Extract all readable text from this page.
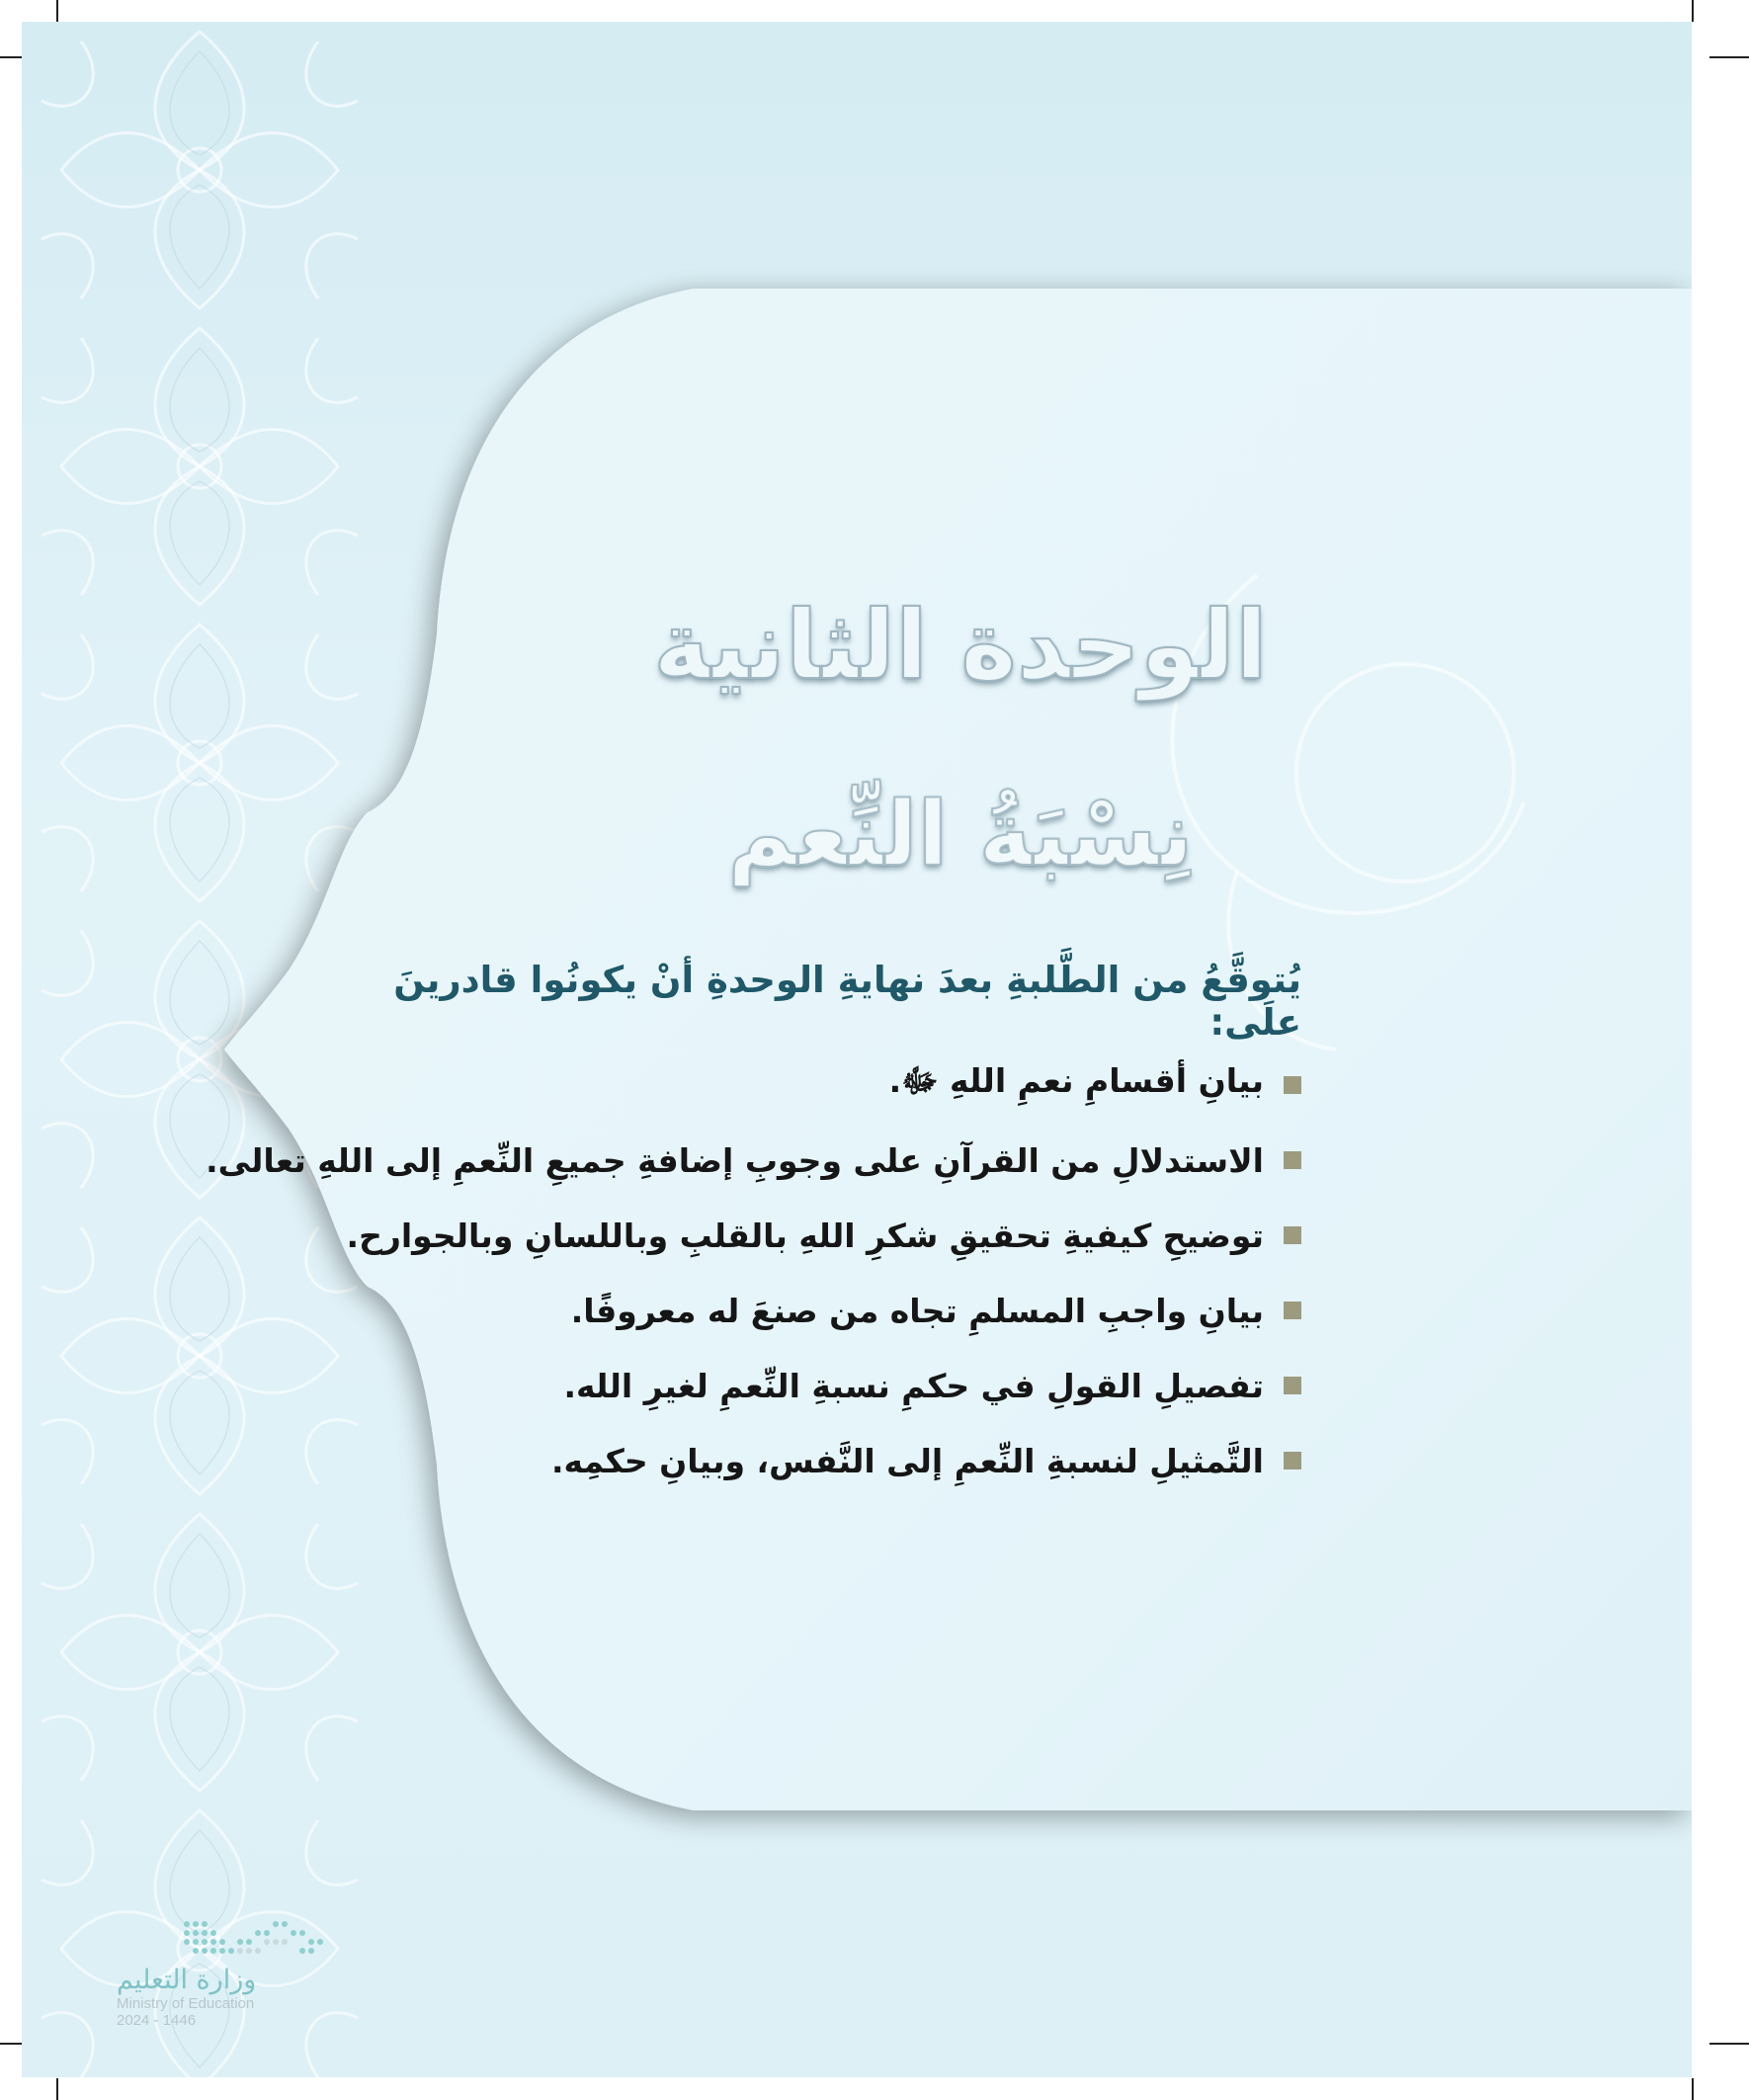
الوحدة الثانية
نِسْبَةُ النِّعم
يُتوقَّعُ من الطَّلبةِ بعدَ نهايةِ الوحدةِ أنْ يكونُوا قادرينَ علَى:
بيانِ أقسامِ نعمِ اللهِ ﷻ.
الاستدلالِ من القرآنِ على وجوبِ إضافةِ جميعِ النِّعمِ إلى اللهِ تعالى.
توضيحِ كيفيةِ تحقيقِ شكرِ اللهِ بالقلبِ وباللسانِ وبالجوارح.
بيانِ واجبِ المسلمِ تجاه من صنعَ له معروفًا.
تفصيلِ القولِ في حكمِ نسبةِ النِّعمِ لغيرِ الله.
التَّمثيلِ لنسبةِ النِّعمِ إلى النَّفس، وبيانِ حكمِه.
وزارة التعليم
Ministry of Education
2024 - 1446
